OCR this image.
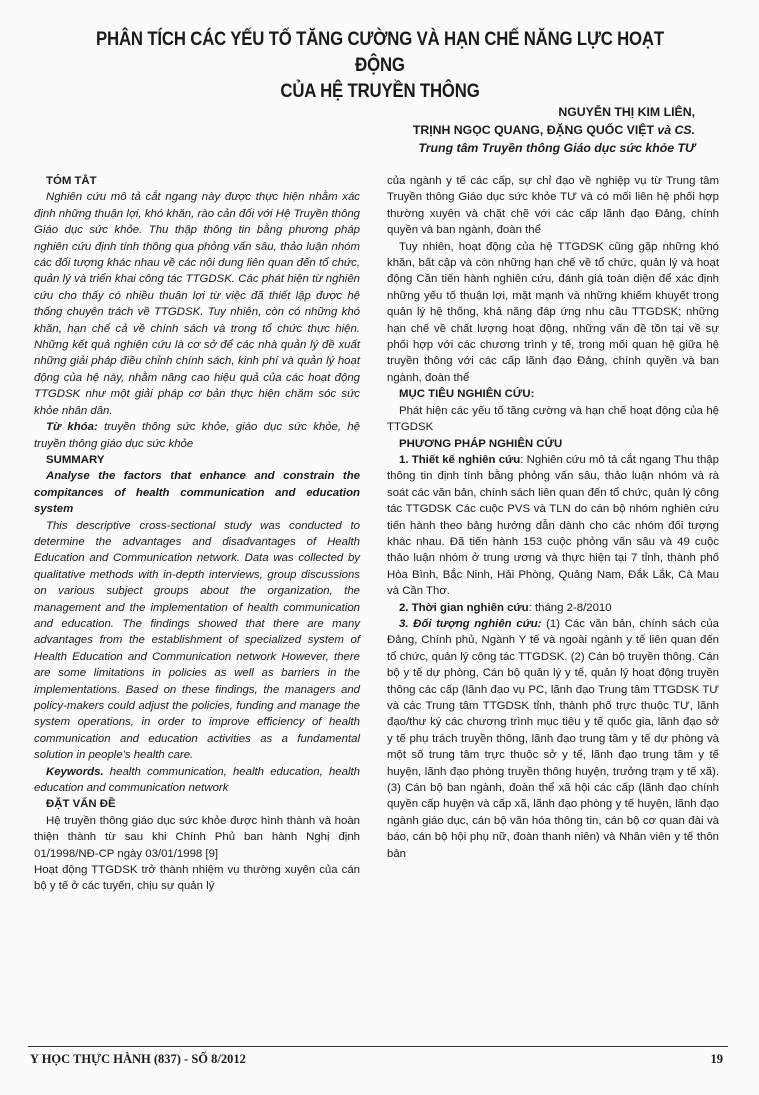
PHÂN TÍCH CÁC YẾU TỐ TĂNG CƯỜNG VÀ HẠN CHẾ NĂNG LỰC HOẠT ĐỘNG
CỦA HỆ TRUYỀN THÔNG
NGUYỄN THỊ KIM LIÊN,
TRỊNH NGỌC QUANG, ĐẶNG QUỐC VIỆT và CS.
Trung tâm Truyền thông Giáo dục sức khỏe TƯ
TÓM TẮT

Nghiên cứu mô tả cắt ngang này được thực hiện nhằm xác định những thuận lợi, khó khăn, rào cản đối với Hệ Truyền thông Giáo dục sức khỏe. Thu thập thông tin bằng phương pháp nghiên cứu định tính thông qua phỏng vấn sâu, thảo luận nhóm các đối tượng khác nhau về các nội dung liên quan đến tổ chức, quản lý và triển khai công tác TTGDSK. Các phát hiện từ nghiên cứu cho thấy có nhiều thuận lợi từ việc đã thiết lập được hệ thống chuyên trách về TTGDSK. Tuy nhiên, còn có những khó khăn, hạn chế cả về chính sách và trong tổ chức thực hiện. Những kết quả nghiên cứu là cơ sở để các nhà quản lý đề xuất những giải pháp điều chỉnh chính sách, kinh phí và quản lý hoạt động của hệ này, nhằm nâng cao hiệu quả của các hoạt động TTGDSK như một giải pháp cơ bản thực hiện chăm sóc sức khỏe nhân dân.

Từ khóa: truyền thông sức khỏe, giáo dục sức khỏe, hệ truyền thông giáo dục sức khỏe

SUMMARY

Analyse the factors that enhance and constrain the compitances of health communication and education system

This descriptive cross-sectional study was conducted to determine the advantages and disadvantages of Health Education and Communication network. Data was collected by qualitative methods with in-depth interviews, group discussions on various subject groups about the organization, the management and the implementation of health communication and education. The findings showed that there are many advantages from the establishment of specialized system of Health Education and Communication network However, there are some limitations in policies as well as barriers in the implementations. Based on these findings, the managers and policy-makers could adjust the policies, funding and manage the system operations, in order to improve efficiency of health communication and education activities as a fundamental solution in people's health care.

Keywords. health communication, health education, health education and communication network

ĐẶT VẤN ĐỀ

Hệ truyền thông giáo dục sức khỏe được hình thành và hoàn thiện thành từ sau khi Chính Phủ ban hành Nghị định 01/1998/NĐ-CP ngày 03/01/1998 [9]

Hoạt động TTGDSK trở thành nhiệm vụ thường xuyên của cán bộ y tế ở các tuyến, chịu sự quản lý

của ngành y tế các cấp, sự chỉ đạo về nghiệp vụ từ Trung tâm Truyền thông Giáo dục sức khỏe TƯ và có mối liên hệ phối hợp thường xuyên và chặt chẽ với các cấp lãnh đạo Đảng, chính quyền và ban ngành, đoàn thể

Tuy nhiên, hoạt động của hệ TTGDSK cũng gặp những khó khăn, bất cập và còn những hạn chế về tổ chức, quản lý và hoạt động Cần tiến hành nghiên cứu, đánh giá toàn diện để xác định những yếu tố thuận lợi, mặt mạnh và những khiếm khuyết trong quản lý hệ thống, khả năng đáp ứng nhu cầu TTGDSK; những hạn chế về chất lượng hoạt động, những vấn đề tồn tại về sự phối hợp với các chương trình y tế, trong mối quan hệ giữa hệ truyền thông với các cấp lãnh đạo Đảng, chính quyền và ban ngành, đoàn thể

MỤC TIÊU NGHIÊN CỨU:

Phát hiện các yếu tố tăng cường và hạn chế hoạt động của hệ TTGDSK

PHƯƠNG PHÁP NGHIÊN CỨU

1. Thiết kế nghiên cứu: Nghiên cứu mô tả cắt ngang Thu thập thông tin định tính bằng phỏng vấn sâu, thảo luận nhóm và rà soát các văn bản, chính sách liên quan đến tổ chức, quản lý công tác TTGDSK Các cuộc PVS và TLN do cán bộ nhóm nghiên cứu tiến hành theo bảng hướng dẫn dành cho các nhóm đối tượng khác nhau. Đã tiến hành 153 cuộc phỏng vấn sâu và 49 cuộc thảo luận nhóm ở trung ương và thực hiện tại 7 tỉnh, thành phố Hòa Bình, Bắc Ninh, Hải Phòng, Quảng Nam, Đắk Lắk, Cà Mau và Cần Thơ.

2. Thời gian nghiên cứu: tháng 2-8/2010

3. Đối tượng nghiên cứu: (1) Các văn bản, chính sách của Đảng, Chính phủ, Ngành Y tế và ngoài ngành y tế liên quan đến tổ chức, quản lý công tác TTGDSK. (2) Cán bộ truyền thông. Cán bộ y tế dự phòng, Cán bộ quản lý y tế, quản lý hoạt động truyền thông các cấp (lãnh đạo vụ PC, lãnh đạo Trung tâm TTGDSK TƯ và các Trung tâm TTGDSK tỉnh, thành phố trực thuộc TƯ, lãnh đạo/thư ký các chương trình mục tiêu y tế quốc gia, lãnh đạo sở y tế phụ trách truyền thông, lãnh đạo trung tâm y tế dự phòng và một số trung tâm trực thuộc sở y tế, lãnh đạo trung tâm y tế huyện, lãnh đạo phòng truyền thông huyện, trưởng trạm y tế xã). (3) Cán bộ ban ngành, đoàn thể xã hội các cấp (lãnh đạo chính quyền cấp huyện và cấp xã, lãnh đạo phòng y tế huyện, lãnh đạo ngành giáo dục, cán bộ văn hóa thông tin, cán bộ cơ quan đài và báo, cán bộ hội phụ nữ, đoàn thanh niên) và Nhân viên y tế thôn bản

Y HỌC THỰC HÀNH (837) - SỐ 8/2012	19
